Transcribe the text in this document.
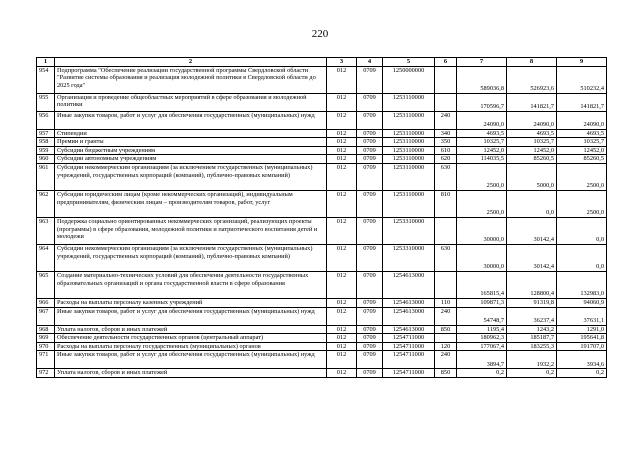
220
1	2	3	4	5	6	7	8	9
954	Подпрограмма "Обеспечение реализации государственной программы Свердловской области "Развитие системы образования и реализация молодежной политики в Свердловской области до 2025 года"	012	0709	1250000000		589036,8	526923,6	510232,4
955	Организация и проведение общеобластных мероприятий в сфере образования и молодежной политики	012	0709	1253110000		170596,7	141821,7	141821,7
956	Иные закупки товаров, работ и услуг для обеспечения государственных (муниципальных) нужд	012	0709	1253110000	240	24090,0	24090,0	24090,0
957	Стипендии	012	0709	1253110000	340	4693,5	4693,5	4693,5
958	Премии и гранты	012	0709	1253110000	350	10325,7	10325,7	10325,7
959	Субсидии бюджетным учреждениям	012	0709	1253110000	610	12452,0	12452,0	12452,0
960	Субсидии автономным учреждениям	012	0709	1253110000	620	114035,5	85260,5	85260,5
961	Субсидии некоммерческим организациям (за исключением государственных (муниципальных) учреждений, государственных корпораций (компаний), публично-правовых компаний)	012	0709	1253110000	630	2500,0	5000,0	2500,0
962	Субсидии юридическим лицам (кроме некоммерческих организаций), индивидуальным предпринимателям, физическим лицам – производителям товаров, работ, услуг	012	0709	1253110000	810	2500,0	0,0	2500,0
963	Поддержка социально ориентированных некоммерческих организаций, реализующих проекты (программы) в сфере образования, молодежной политики и патриотического воспитания детей и молодежи	012	0709	1253310000		30000,0	30142,4	0,0
964	Субсидии некоммерческим организациям (за исключением государственных (муниципальных) учреждений, государственных корпораций (компаний), публично-правовых компаний)	012	0709	1253310000	630	30000,0	30142,4	0,0
965	Создание материально-технических условий для обеспечения деятельности государственных образовательных организаций и органа государственной власти в сфере образования	012	0709	1254613000		165815,4	128800,4	132983,0
966	Расходы на выплаты персоналу казенных учреждений	012	0709	1254613000	110	109871,3	91319,8	94060,9
967	Иные закупки товаров, работ и услуг для обеспечения государственных (муниципальных) нужд	012	0709	1254613000	240	54748,7	36237,4	37631,1
968	Уплата налогов, сборов и иных платежей	012	0709	1254613000	850	1195,4	1243,2	1291,0
969	Обеспечение деятельности государственных органов (центральный аппарат)	012	0709	1254711000		180962,3	185187,7	195641,8
970	Расходы на выплаты персоналу государственных (муниципальных) органов	012	0709	1254711000	120	177067,4	183255,3	191707,0
971	Иные закупки товаров, работ и услуг для обеспечения государственных (муниципальных) нужд	012	0709	1254711000	240	3894,7	1932,2	3934,6
972	Уплата налогов, сборов и иных платежей	012	0709	1254711000	850	0,2	0,2	0,2
